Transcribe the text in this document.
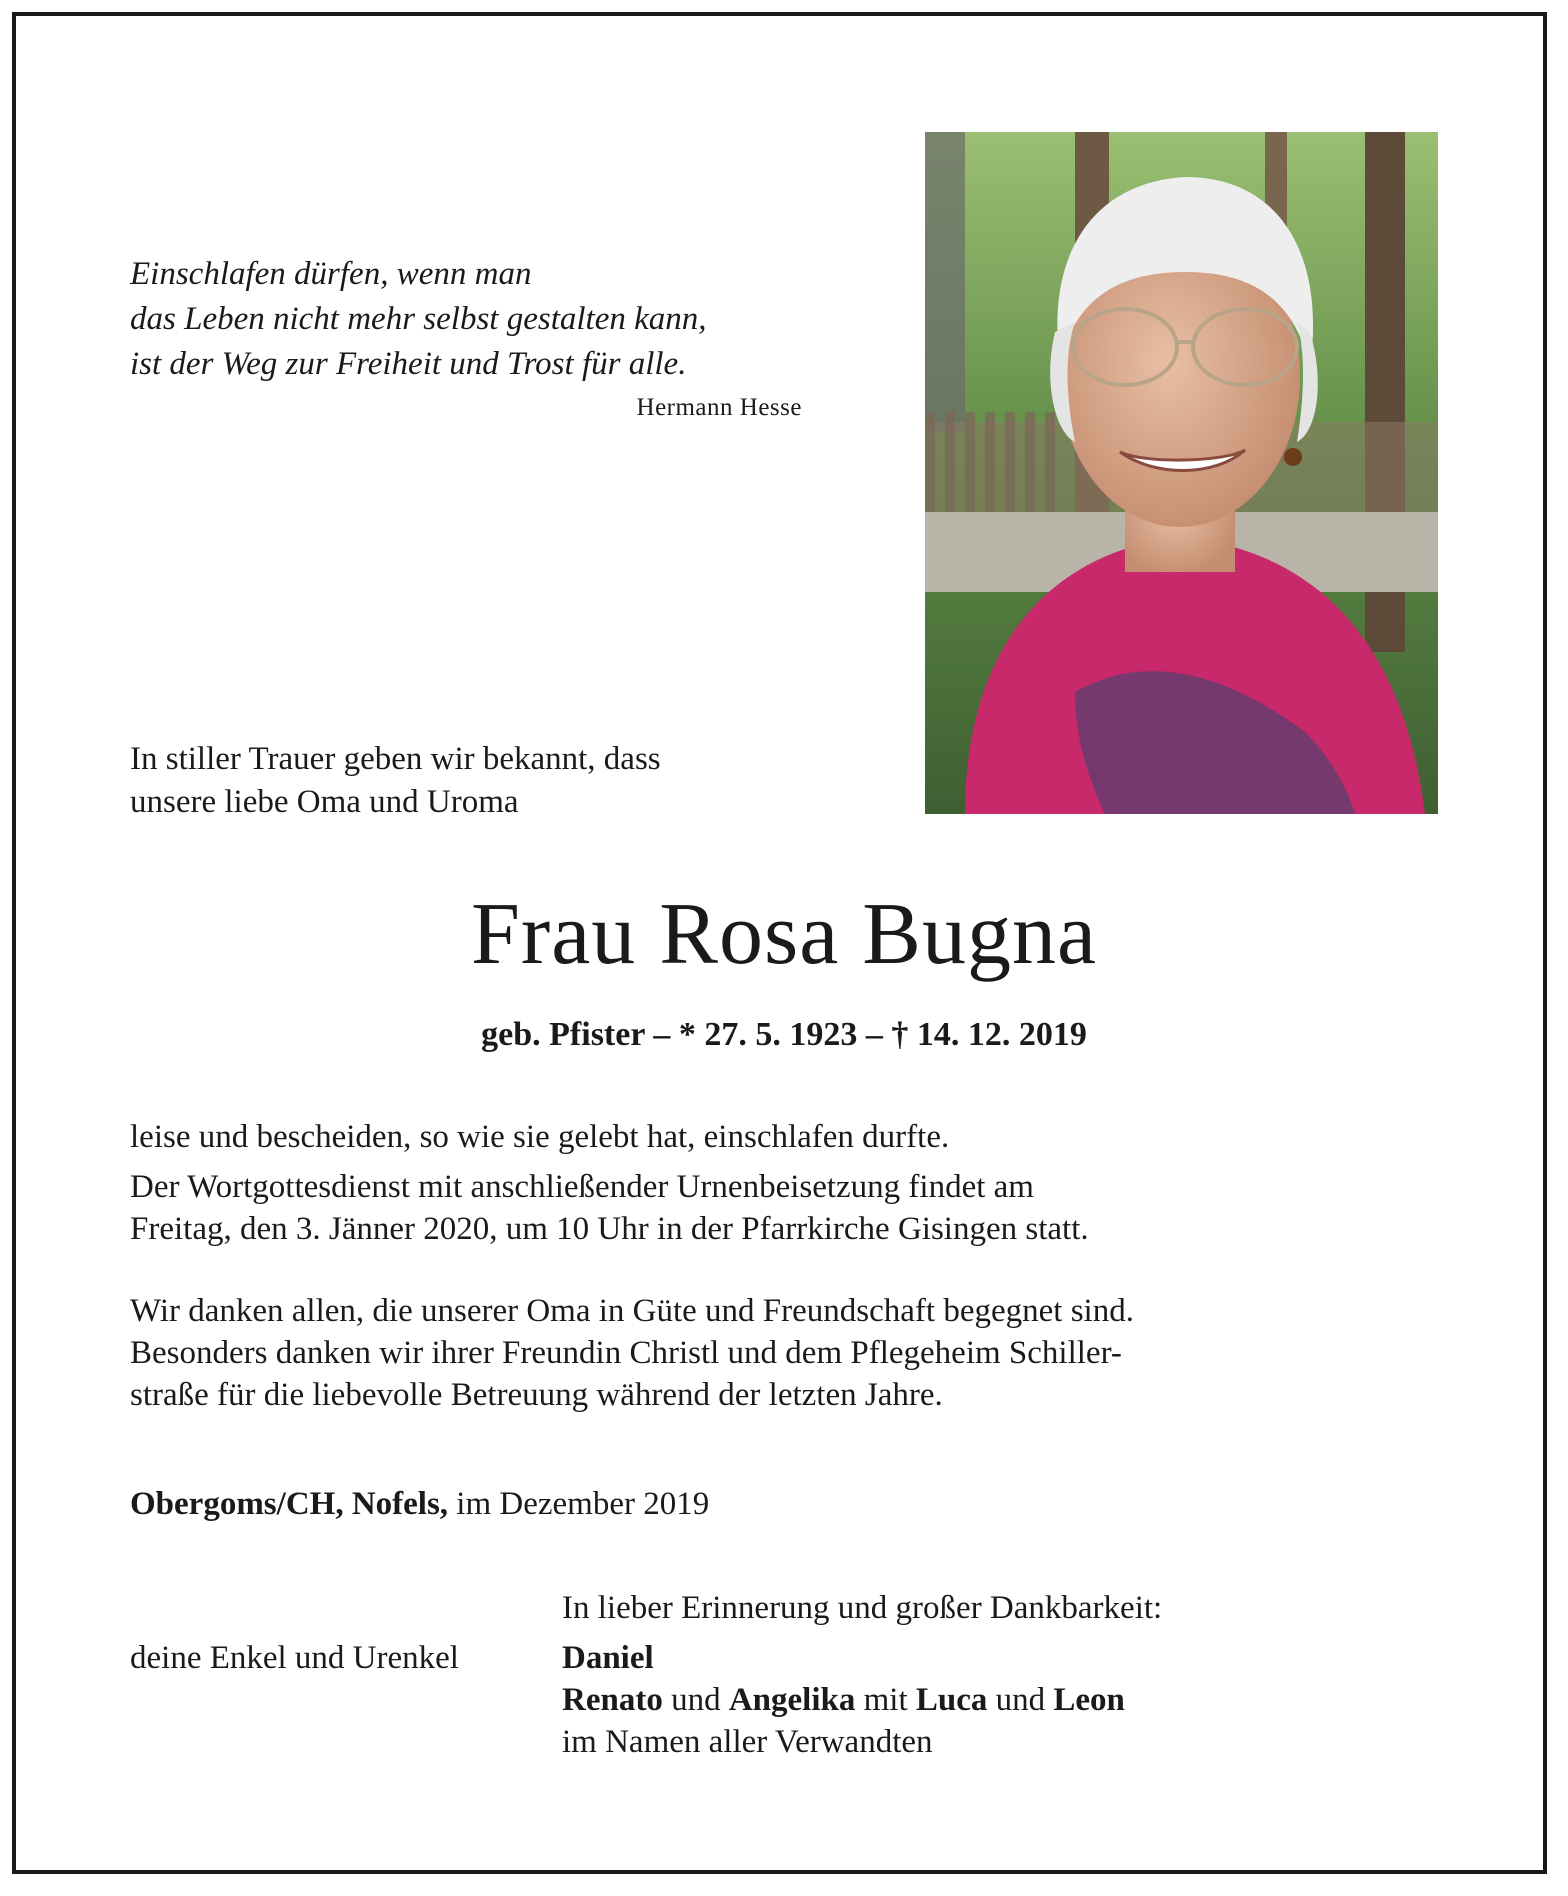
Einschlafen dürfen, wenn man
das Leben nicht mehr selbst gestalten kann,
ist der Weg zur Freiheit und Trost für alle.
Hermann Hesse
In stiller Trauer geben wir bekannt, dass
unsere liebe Oma und Uroma
Frau Rosa Bugna
geb. Pfister – * 27. 5. 1923 – † 14. 12. 2019
leise und bescheiden, so wie sie gelebt hat, einschlafen durfte.
Der Wortgottesdienst mit anschließender Urnenbeisetzung findet am
Freitag, den 3. Jänner 2020, um 10 Uhr in der Pfarrkirche Gisingen statt.
Wir danken allen, die unserer Oma in Güte und Freundschaft begegnet sind.
Besonders danken wir ihrer Freundin Christl und dem Pflegeheim Schiller-
straße für die liebevolle Betreuung während der letzten Jahre.
Obergoms/CH, Nofels, im Dezember 2019
In lieber Erinnerung und großer Dankbarkeit:
deine Enkel und Urenkel	Daniel
Renato und Angelika mit Luca und Leon
im Namen aller Verwandten
